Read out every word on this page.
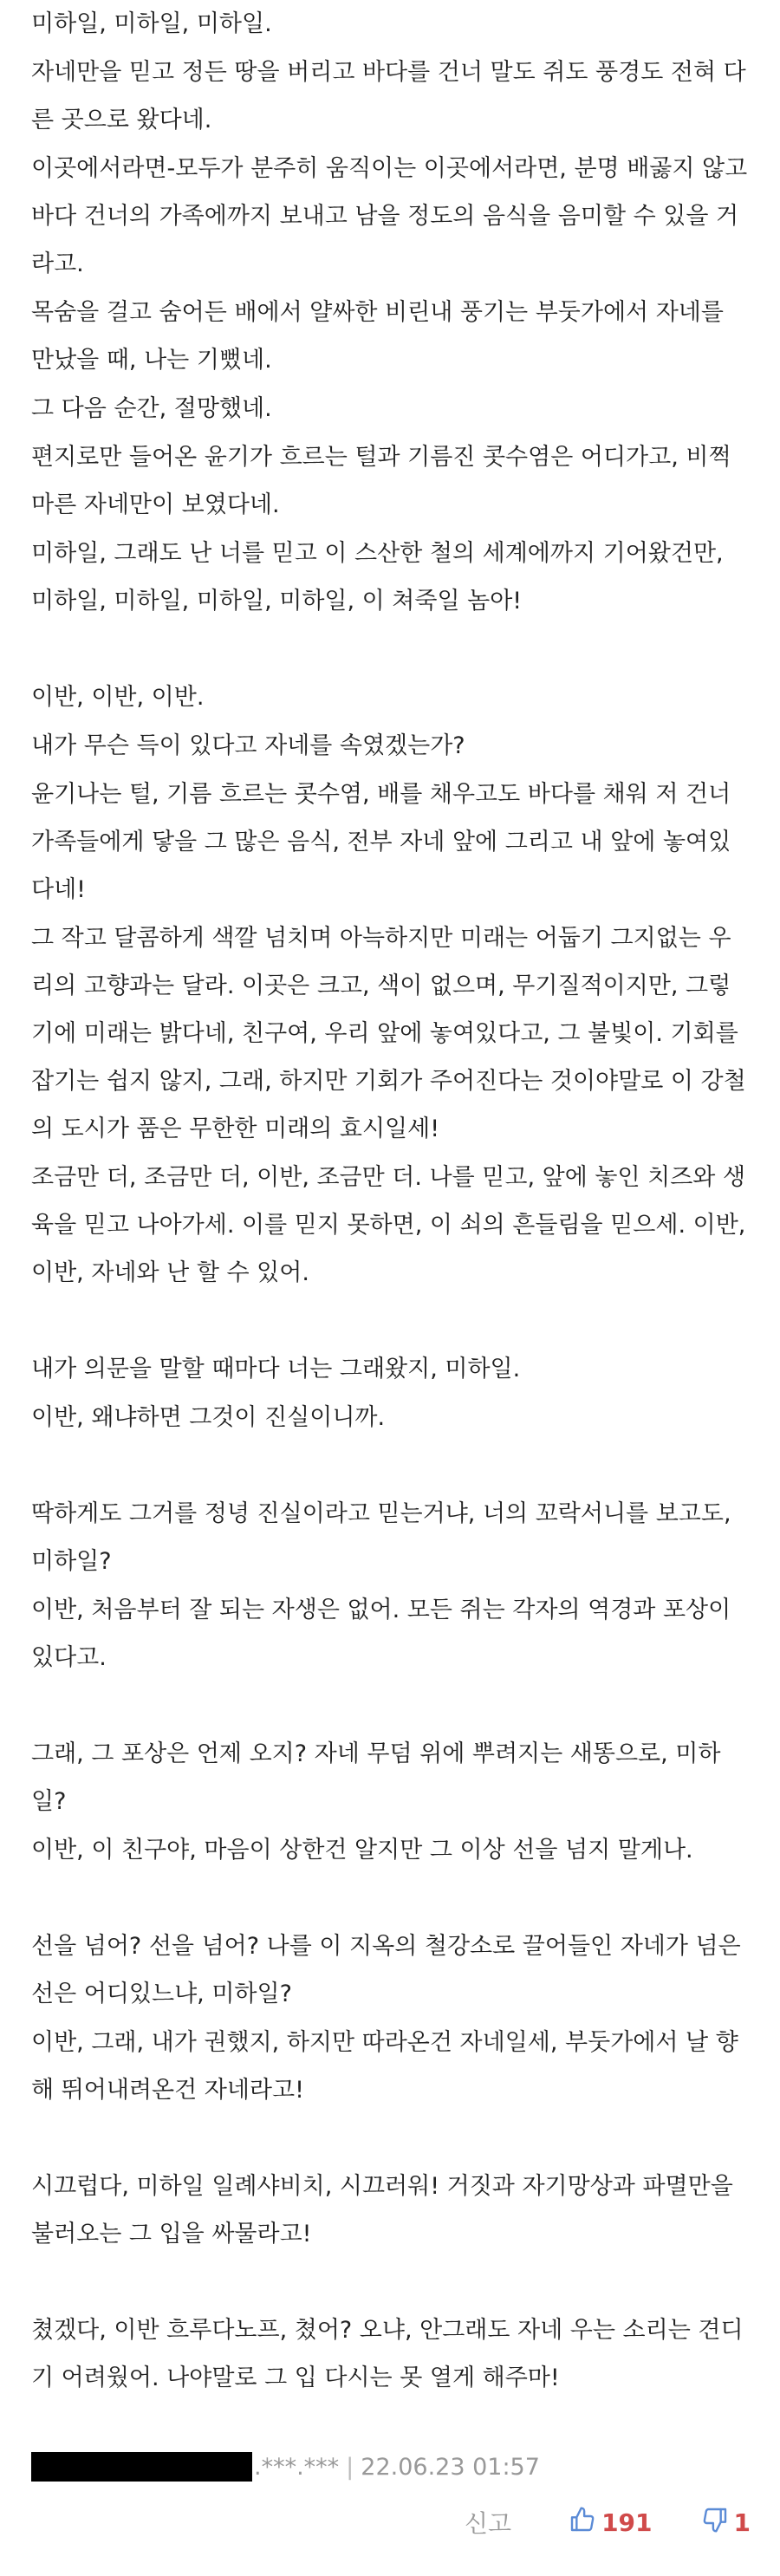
미하일, 미하일, 미하일.

자네만을 믿고 정든 땅을 버리고 바다를 건너 말도 쥐도 풍경도 전혀 다른 곳으로 왔다네.

이곳에서라면-모두가 분주히 움직이는 이곳에서라면, 분명 배곯지 않고 바다 건너의 가족에까지 보내고 남을 정도의 음식을 음미할 수 있을 거라고.

목숨을 걸고 숨어든 배에서 얄싸한 비린내 풍기는 부둣가에서 자네를 만났을 때, 나는 기뻤네.

그 다음 순간, 절망했네.

편지로만 들어온 윤기가 흐르는 털과 기름진 콧수염은 어디가고, 비쩍 마른 자네만이 보였다네.

미하일, 그래도 난 너를 믿고 이 스산한 철의 세계에까지 기어왔건만, 미하일, 미하일, 미하일, 미하일, 이 쳐죽일 놈아!

이반, 이반, 이반.

내가 무슨 득이 있다고 자네를 속였겠는가?

윤기나는 털, 기름 흐르는 콧수염, 배를 채우고도 바다를 채워 저 건너 가족들에게 닿을 그 많은 음식, 전부 자네 앞에 그리고 내 앞에 놓여있다네!

그 작고 달콤하게 색깔 넘치며 아늑하지만 미래는 어둡기 그지없는 우리의 고향과는 달라. 이곳은 크고, 색이 없으며, 무기질적이지만, 그렇기에 미래는 밝다네, 친구여, 우리 앞에 놓여있다고, 그 불빛이. 기회를 잡기는 쉽지 않지, 그래, 하지만 기회가 주어진다는 것이야말로 이 강철의 도시가 품은 무한한 미래의 효시일세!

조금만 더, 조금만 더, 이반, 조금만 더. 나를 믿고, 앞에 놓인 치즈와 생육을 믿고 나아가세. 이를 믿지 못하면, 이 쇠의 흔들림을 믿으세. 이반, 이반, 자네와 난 할 수 있어.

내가 의문을 말할 때마다 너는 그래왔지, 미하일.

이반, 왜냐하면 그것이 진실이니까.

딱하게도 그거를 정녕 진실이라고 믿는거냐, 너의 꼬락서니를 보고도, 미하일?

이반, 처음부터 잘 되는 자생은 없어. 모든 쥐는 각자의 역경과 포상이 있다고.

그래, 그 포상은 언제 오지? 자네 무덤 위에 뿌려지는 새똥으로, 미하일?

이반, 이 친구야, 마음이 상한건 알지만 그 이상 선을 넘지 말게나.

선을 넘어? 선을 넘어? 나를 이 지옥의 철강소로 끌어들인 자네가 넘은 선은 어디있느냐, 미하일?

이반, 그래, 내가 권했지, 하지만 따라온건 자네일세, 부둣가에서 날 향해 뛰어내려온건 자네라고!

시끄럽다, 미하일 일례샤비치, 시끄러워! 거짓과 자기망상과 파멸만을 불러오는 그 입을 싸물라고!

쳤겠다, 이반 흐루다노프, 쳤어? 오냐, 안그래도 자네 우는 소리는 견디기 어려웠어. 나야말로 그 입 다시는 못 열게 해주마!

.***.*** | 22.06.23 01:57
신고	191	1
